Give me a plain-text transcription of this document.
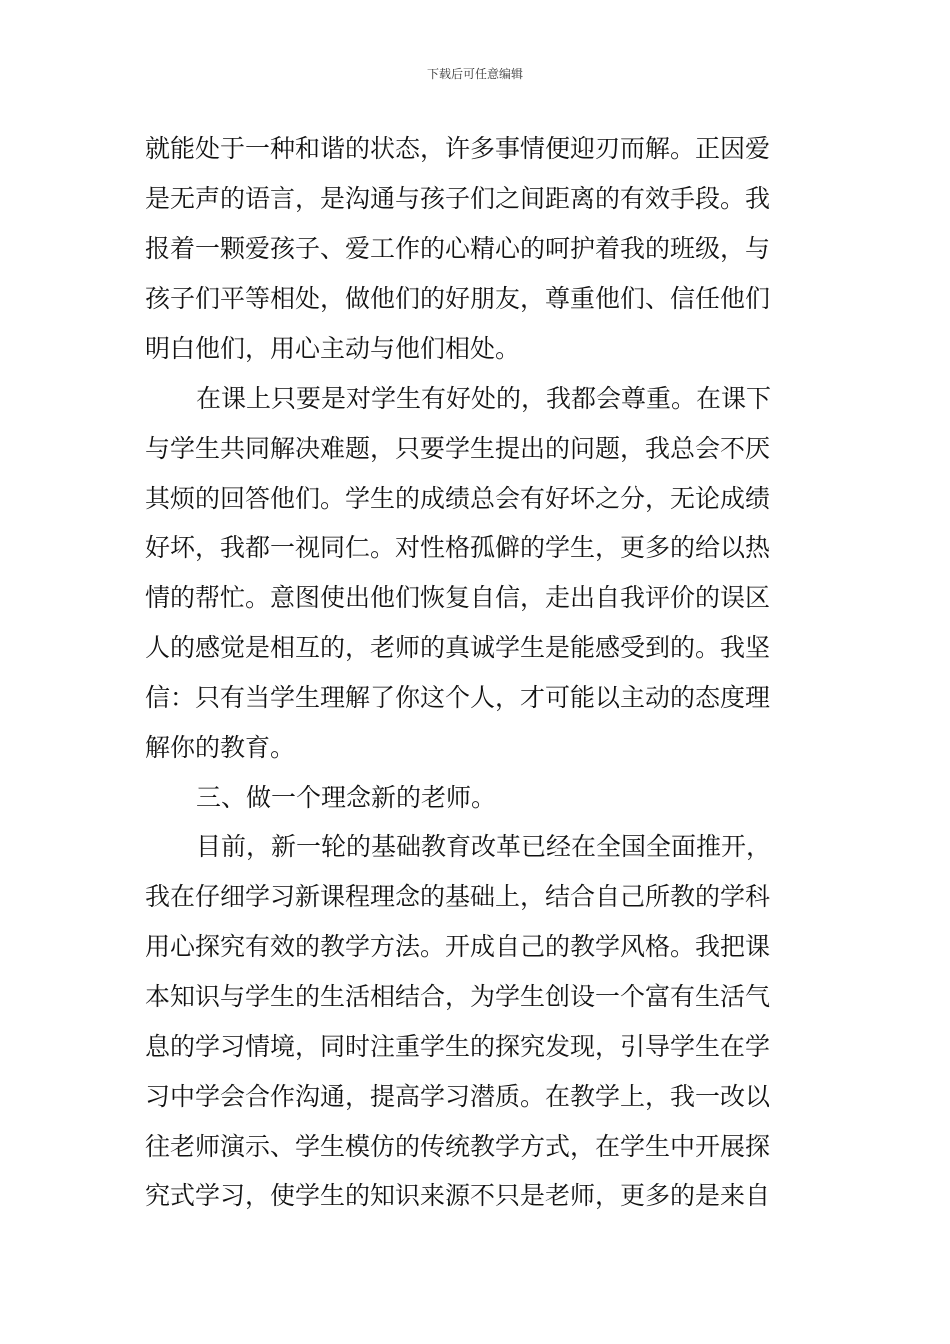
下载后可任意编辑
就能处于一种和谐的状态，许多事情便迎刃而解。正因爱
是无声的语言，是沟通与孩子们之间距离的有效手段。我
报着一颗爱孩子、爱工作的心精心的呵护着我的班级，与
孩子们平等相处，做他们的好朋友，尊重他们、信任他们
明白他们，用心主动与他们相处。
在课上只要是对学生有好处的，我都会尊重。在课下
与学生共同解决难题，只要学生提出的问题，我总会不厌
其烦的回答他们。学生的成绩总会有好坏之分，无论成绩
好坏，我都一视同仁。对性格孤僻的学生，更多的给以热
情的帮忙。意图使出他们恢复自信，走出自我评价的误区
人的感觉是相互的，老师的真诚学生是能感受到的。我坚
信：只有当学生理解了你这个人，才可能以主动的态度理
解你的教育。
三、做一个理念新的老师。
目前，新一轮的基础教育改革已经在全国全面推开，
我在仔细学习新课程理念的基础上，结合自己所教的学科
用心探究有效的教学方法。开成自己的教学风格。我把课
本知识与学生的生活相结合，为学生创设一个富有生活气
息的学习情境，同时注重学生的探究发现，引导学生在学
习中学会合作沟通，提高学习潜质。在教学上，我一改以
往老师演示、学生模仿的传统教学方式，在学生中开展探
究式学习，使学生的知识来源不只是老师，更多的是来自
